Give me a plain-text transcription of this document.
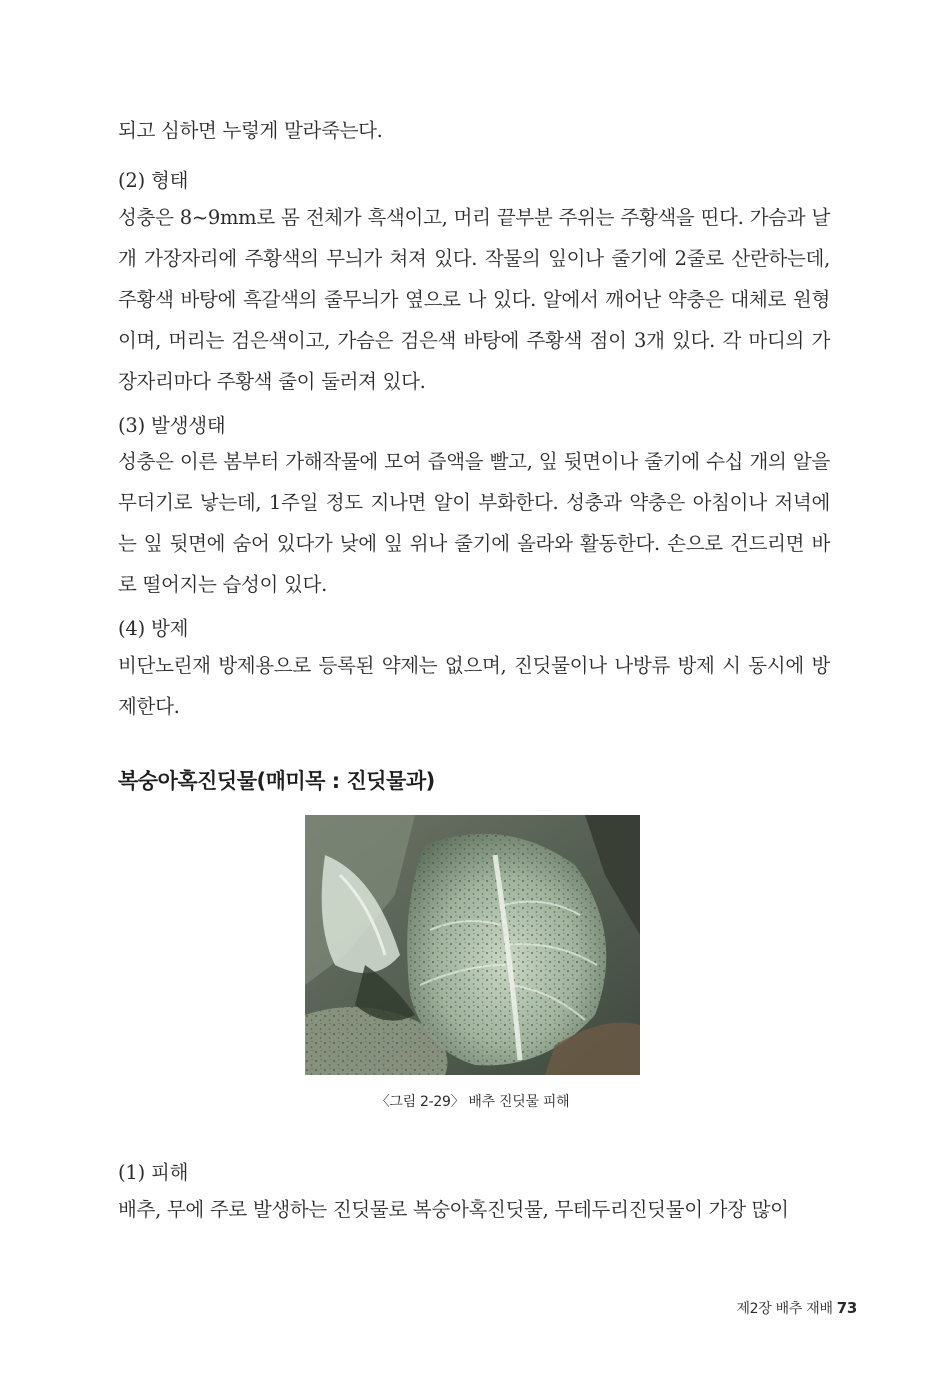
되고 심하면 누렇게 말라죽는다.

(2) 형태

성충은 8~9mm로 몸 전체가 흑색이고, 머리 끝부분 주위는 주황색을 띤다. 가슴과 날개 가장자리에 주황색의 무늬가 쳐져 있다. 작물의 잎이나 줄기에 2줄로 산란하는데, 주황색 바탕에 흑갈색의 줄무늬가 옆으로 나 있다. 알에서 깨어난 약충은 대체로 원형이며, 머리는 검은색이고, 가슴은 검은색 바탕에 주황색 점이 3개 있다. 각 마디의 가장자리마다 주황색 줄이 둘러져 있다.

(3) 발생생태

성충은 이른 봄부터 가해작물에 모여 즙액을 빨고, 잎 뒷면이나 줄기에 수십 개의 알을 무더기로 낳는데, 1주일 정도 지나면 알이 부화한다. 성충과 약충은 아침이나 저녁에는 잎 뒷면에 숨어 있다가 낮에 잎 위나 줄기에 올라와 활동한다. 손으로 건드리면 바로 떨어지는 습성이 있다.

(4) 방제

비단노린재 방제용으로 등록된 약제는 없으며, 진딧물이나 나방류 방제 시 동시에 방제한다.

복숭아혹진딧물(매미목 : 진딧물과)

〈그림 2-29〉 배추 진딧물 피해

(1) 피해

배추, 무에 주로 발생하는 진딧물로 복숭아혹진딧물, 무테두리진딧물이 가장 많이

제2장 배추 재배 73
